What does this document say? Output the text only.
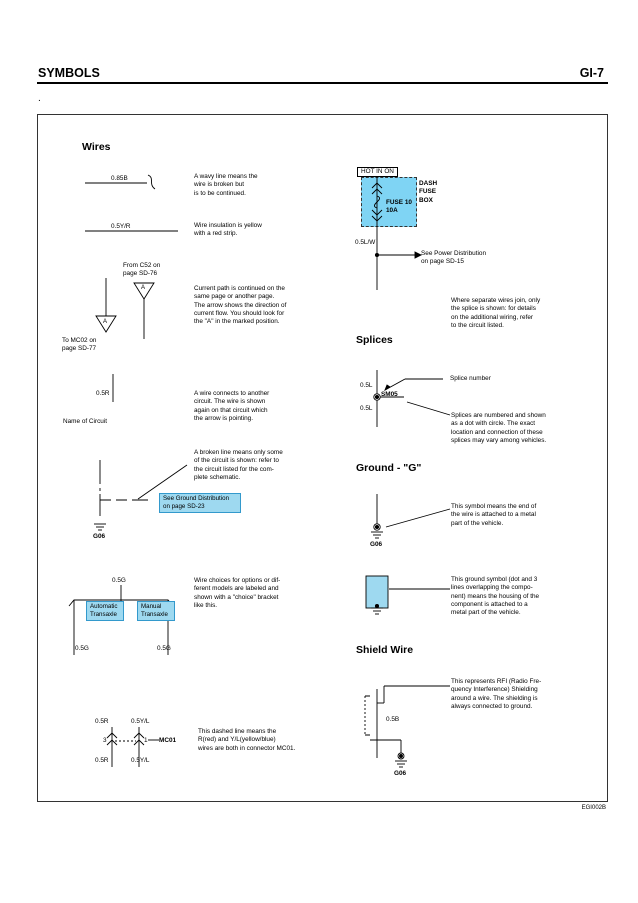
SYMBOLS	GI-7
.
EGI002B
Wires
0.85B	A wavy line means the
wire is broken but
is to be continued.
0.5Y/R	Wire insulation is yellow
with a red strip.
From C52 on
page SD-76
A
A
To MC02 on
page SD-77
Current path is continued on the
same page or another page.
The arrow shows the direction of
current flow. You should look for
the "A" in the marked position.
0.5R
Name of Circuit
A wire connects to another
circuit. The wire is shown
again on that circuit which
the arrow is pointing.
A broken line means only some
of the circuit is shown: refer to
the circuit listed for the com-
plete schematic.
See Ground Distribution
on page SD-23
G06
0.5G
Automatic
Transaxle
Manual
Transaxle
0.5G	0.5G
Wire choices for options or dif-
ferent models are labeled and
shown with a "choice" bracket
like this.
0.5R	0.5Y/L
3	1 MC01
0.5R	0.5Y/L
This dashed line means the
R(red) and Y/L(yellow/blue)
wires are both in connector MC01.
HOT IN ON
DASH
FUSE
BOX
FUSE 10
10A
0.5L/W
See Power Distribution
on page SD-15
Where separate wires join, only
the splice is shown: for details
on the additional wiring, refer
to the circuit listed.
Splices
Splice number
0.5L
SM05
0.5L
Splices are numbered and shown
as a dot with circle. The exact
location and connection of these
splices may vary among vehicles.
Ground - "G"
G06
This symbol means the end of
the wire is attached to a metal
part of the vehicle.
This ground symbol (dot and 3
lines overlapping the compo-
nent) means the housing of the
component is attached to a
metal part of the vehicle.
Shield Wire
This represents RFI (Radio Fre-
quency Interference) Shielding
around a wire. The shielding is
always connected to ground.
0.5B
G06
